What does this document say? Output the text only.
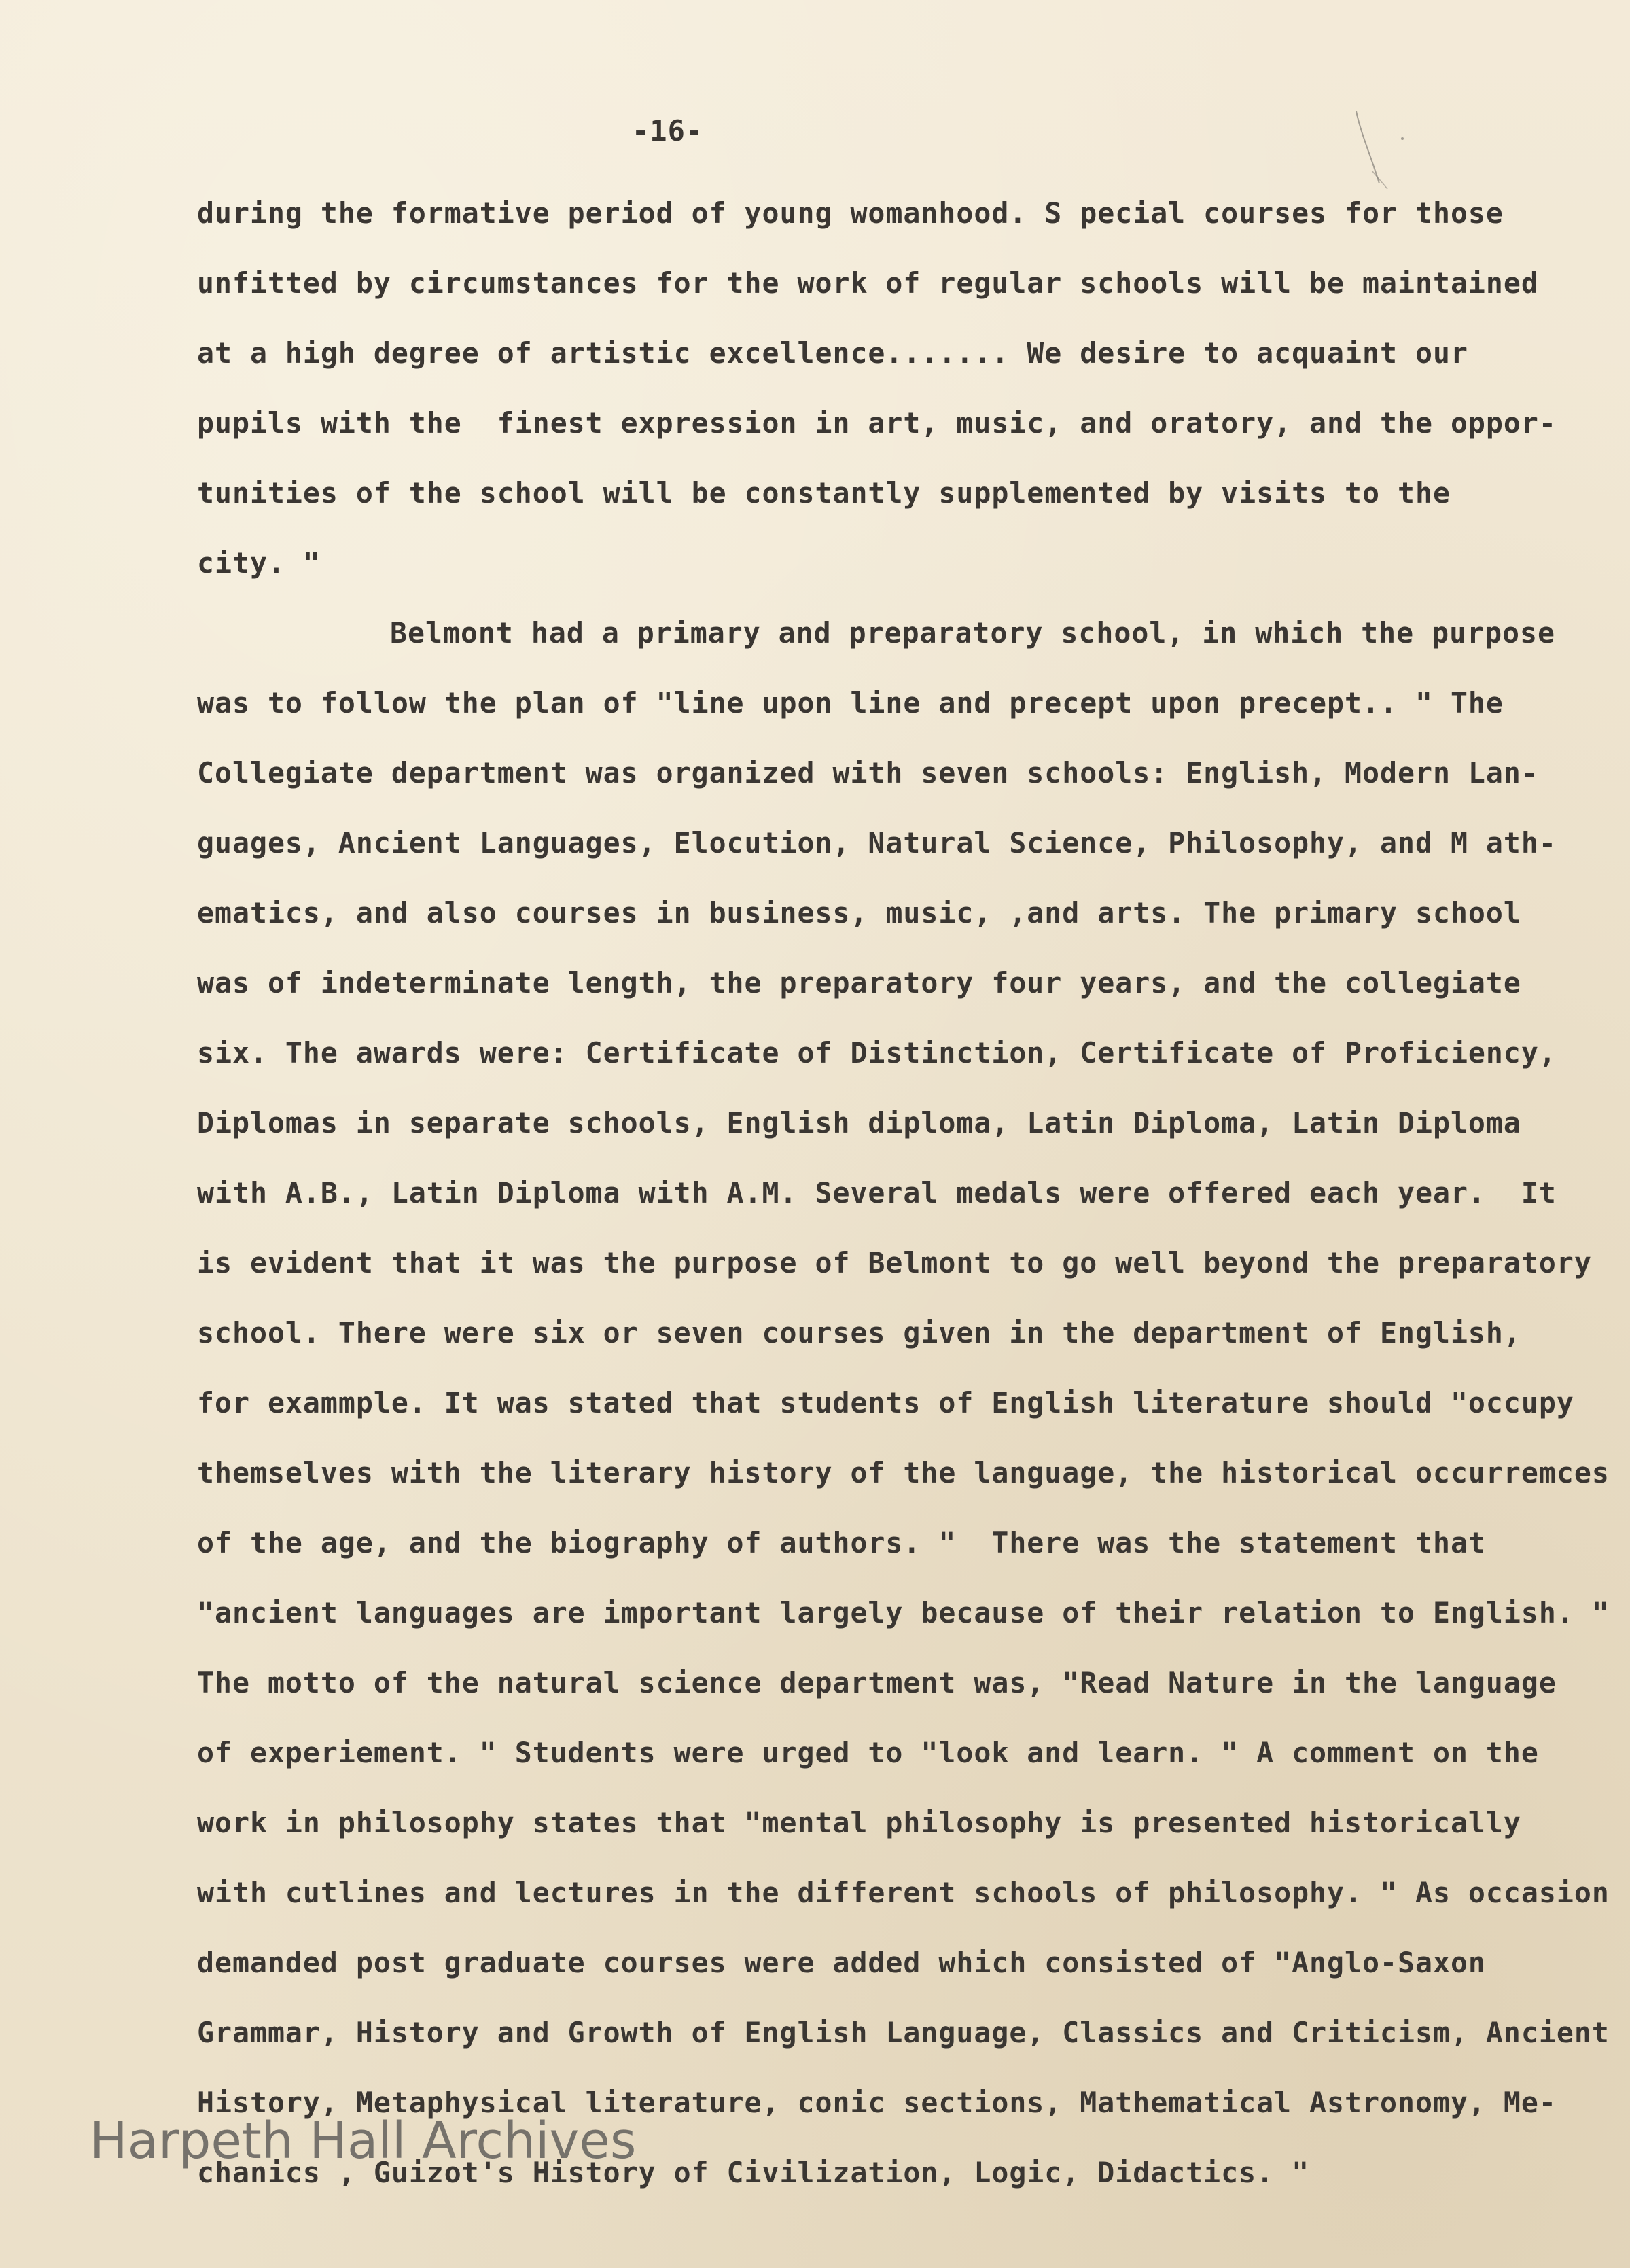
-16-

during the formative period of young womanhood. S pecial courses for those
unfitted by circumstances for the work of regular schools will be maintained
at a high degree of artistic excellence....... We desire to acquaint our
pupils with the  finest expression in art, music, and oratory, and the oppor-
tunities of the school will be constantly supplemented by visits to the
city. "
Belmont had a primary and preparatory school, in which the purpose
was to follow the plan of "line upon line and precept upon precept.. " The
Collegiate department was organized with seven schools: English, Modern Lan-
guages, Ancient Languages, Elocution, Natural Science, Philosophy, and M ath-
ematics, and also courses in business, music, ,and arts. The primary school
was of indeterminate length, the preparatory four years, and the collegiate
six. The awards were: Certificate of Distinction, Certificate of Proficiency,
Diplomas in separate schools, English diploma, Latin Diploma, Latin Diploma
with A.B., Latin Diploma with A.M. Several medals were offered each year.  It
is evident that it was the purpose of Belmont to go well beyond the preparatory
school. There were six or seven courses given in the department of English,
for exammple. It was stated that students of English literature should "occupy
themselves with the literary history of the language, the historical occurremces
of the age, and the biography of authors. "  There was the statement that
"ancient languages are important largely because of their relation to English. "
The motto of the natural science department was, "Read Nature in the language
of experiement. " Students were urged to "look and learn. " A comment on the
work in philosophy states that "mental philosophy is presented historically
with cutlines and lectures in the different schools of philosophy. " As occasion
demanded post graduate courses were added which consisted of "Anglo-Saxon
Grammar, History and Growth of English Language, Classics and Criticism, Ancient
History, Metaphysical literature, conic sections, Mathematical Astronomy, Me-
chanics , Guizot's History of Civilization, Logic, Didactics. "

Harpeth Hall Archives
